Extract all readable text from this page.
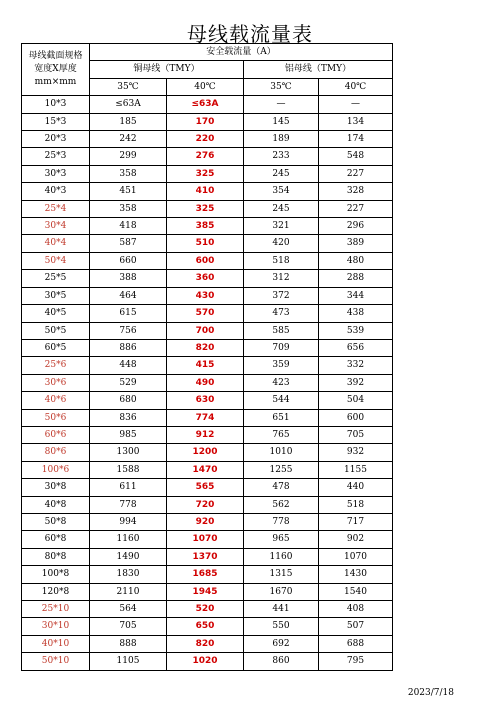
母线载流量表
母线截面规格
宽度X厚度
mm×mm	安全载流量（A）			
	铜母线（TMY）		铝母线（TMY）	
	35℃	40℃	35℃	40℃
10*3	≤63A	≤63A	—	—
15*3	185	170	145	134
20*3	242	220	189	174
25*3	299	276	233	548
30*3	358	325	245	227
40*3	451	410	354	328
25*4	358	325	245	227
30*4	418	385	321	296
40*4	587	510	420	389
50*4	660	600	518	480
25*5	388	360	312	288
30*5	464	430	372	344
40*5	615	570	473	438
50*5	756	700	585	539
60*5	886	820	709	656
25*6	448	415	359	332
30*6	529	490	423	392
40*6	680	630	544	504
50*6	836	774	651	600
60*6	985	912	765	705
80*6	1300	1200	1010	932
100*6	1588	1470	1255	1155
30*8	611	565	478	440
40*8	778	720	562	518
50*8	994	920	778	717
60*8	1160	1070	965	902
80*8	1490	1370	1160	1070
100*8	1830	1685	1315	1430
120*8	2110	1945	1670	1540
25*10	564	520	441	408
30*10	705	650	550	507
40*10	888	820	692	688
50*10	1105	1020	860	795
2023/7/18
